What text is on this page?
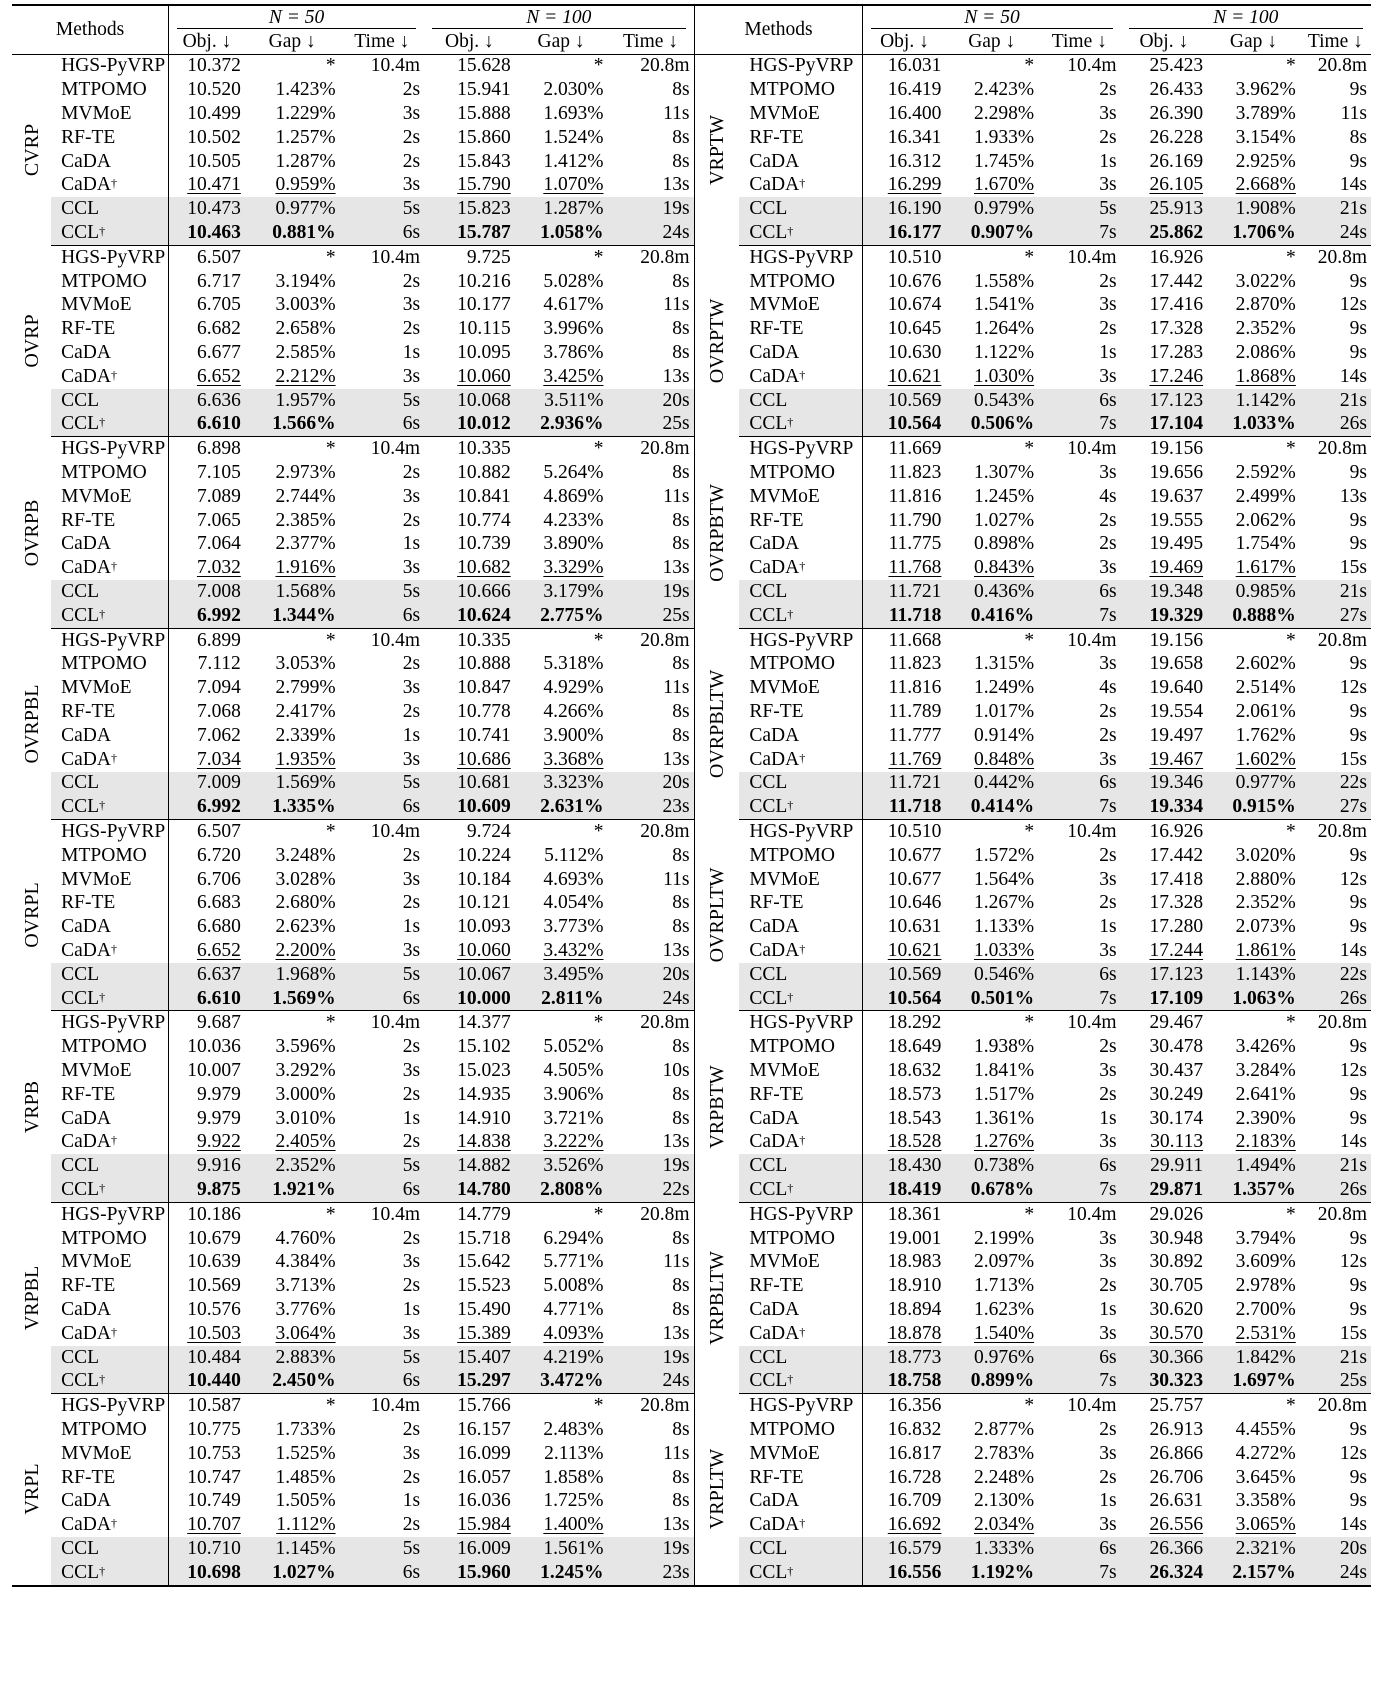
Methods		N = 50			N = 100			Methods		N = 50			N = 100		

		Obj. ↓	Gap ↓	Time ↓	Obj. ↓	Gap ↓	Time ↓			Obj. ↓	Gap ↓	Time ↓	Obj. ↓	Gap ↓	Time ↓

CVRP	HGS-PyVRP	10.372	*	10.4m	15.628	*	20.8m	VRPTW	HGS-PyVRP	16.031	*	10.4m	25.423	*	20.8m
	MTPOMO	10.520	1.423%	2s	15.941	2.030%	8s		MTPOMO	16.419	2.423%	2s	26.433	3.962%	9s
	MVMoE	10.499	1.229%	3s	15.888	1.693%	11s		MVMoE	16.400	2.298%	3s	26.390	3.789%	11s
	RF-TE	10.502	1.257%	2s	15.860	1.524%	8s		RF-TE	16.341	1.933%	2s	26.228	3.154%	8s
	CaDA	10.505	1.287%	2s	15.843	1.412%	8s		CaDA	16.312	1.745%	1s	26.169	2.925%	9s
	CaDA†	10.471	0.959%	3s	15.790	1.070%	13s		CaDA†	16.299	1.670%	3s	26.105	2.668%	14s
	CCL	10.473	0.977%	5s	15.823	1.287%	19s		CCL	16.190	0.979%	5s	25.913	1.908%	21s
	CCL†	10.463	0.881%	6s	15.787	1.058%	24s		CCL†	16.177	0.907%	7s	25.862	1.706%	24s

OVRP	HGS-PyVRP	6.507	*	10.4m	9.725	*	20.8m	OVRPTW	HGS-PyVRP	10.510	*	10.4m	16.926	*	20.8m
	MTPOMO	6.717	3.194%	2s	10.216	5.028%	8s		MTPOMO	10.676	1.558%	2s	17.442	3.022%	9s
	MVMoE	6.705	3.003%	3s	10.177	4.617%	11s		MVMoE	10.674	1.541%	3s	17.416	2.870%	12s
	RF-TE	6.682	2.658%	2s	10.115	3.996%	8s		RF-TE	10.645	1.264%	2s	17.328	2.352%	9s
	CaDA	6.677	2.585%	1s	10.095	3.786%	8s		CaDA	10.630	1.122%	1s	17.283	2.086%	9s
	CaDA†	6.652	2.212%	3s	10.060	3.425%	13s		CaDA†	10.621	1.030%	3s	17.246	1.868%	14s
	CCL	6.636	1.957%	5s	10.068	3.511%	20s		CCL	10.569	0.543%	6s	17.123	1.142%	21s
	CCL†	6.610	1.566%	6s	10.012	2.936%	25s		CCL†	10.564	0.506%	7s	17.104	1.033%	26s

OVRPB	HGS-PyVRP	6.898	*	10.4m	10.335	*	20.8m	OVRPBTW	HGS-PyVRP	11.669	*	10.4m	19.156	*	20.8m
	MTPOMO	7.105	2.973%	2s	10.882	5.264%	8s		MTPOMO	11.823	1.307%	3s	19.656	2.592%	9s
	MVMoE	7.089	2.744%	3s	10.841	4.869%	11s		MVMoE	11.816	1.245%	4s	19.637	2.499%	13s
	RF-TE	7.065	2.385%	2s	10.774	4.233%	8s		RF-TE	11.790	1.027%	2s	19.555	2.062%	9s
	CaDA	7.064	2.377%	1s	10.739	3.890%	8s		CaDA	11.775	0.898%	2s	19.495	1.754%	9s
	CaDA†	7.032	1.916%	3s	10.682	3.329%	13s		CaDA†	11.768	0.843%	3s	19.469	1.617%	15s
	CCL	7.008	1.568%	5s	10.666	3.179%	19s		CCL	11.721	0.436%	6s	19.348	0.985%	21s
	CCL†	6.992	1.344%	6s	10.624	2.775%	25s		CCL†	11.718	0.416%	7s	19.329	0.888%	27s

OVRPBL	HGS-PyVRP	6.899	*	10.4m	10.335	*	20.8m	OVRPBLTW	HGS-PyVRP	11.668	*	10.4m	19.156	*	20.8m
	MTPOMO	7.112	3.053%	2s	10.888	5.318%	8s		MTPOMO	11.823	1.315%	3s	19.658	2.602%	9s
	MVMoE	7.094	2.799%	3s	10.847	4.929%	11s		MVMoE	11.816	1.249%	4s	19.640	2.514%	12s
	RF-TE	7.068	2.417%	2s	10.778	4.266%	8s		RF-TE	11.789	1.017%	2s	19.554	2.061%	9s
	CaDA	7.062	2.339%	1s	10.741	3.900%	8s		CaDA	11.777	0.914%	2s	19.497	1.762%	9s
	CaDA†	7.034	1.935%	3s	10.686	3.368%	13s		CaDA†	11.769	0.848%	3s	19.467	1.602%	15s
	CCL	7.009	1.569%	5s	10.681	3.323%	20s		CCL	11.721	0.442%	6s	19.346	0.977%	22s
	CCL†	6.992	1.335%	6s	10.609	2.631%	23s		CCL†	11.718	0.414%	7s	19.334	0.915%	27s

OVRPL	HGS-PyVRP	6.507	*	10.4m	9.724	*	20.8m	OVRPLTW	HGS-PyVRP	10.510	*	10.4m	16.926	*	20.8m
	MTPOMO	6.720	3.248%	2s	10.224	5.112%	8s		MTPOMO	10.677	1.572%	2s	17.442	3.020%	9s
	MVMoE	6.706	3.028%	3s	10.184	4.693%	11s		MVMoE	10.677	1.564%	3s	17.418	2.880%	12s
	RF-TE	6.683	2.680%	2s	10.121	4.054%	8s		RF-TE	10.646	1.267%	2s	17.328	2.352%	9s
	CaDA	6.680	2.623%	1s	10.093	3.773%	8s		CaDA	10.631	1.133%	1s	17.280	2.073%	9s
	CaDA†	6.652	2.200%	3s	10.060	3.432%	13s		CaDA†	10.621	1.033%	3s	17.244	1.861%	14s
	CCL	6.637	1.968%	5s	10.067	3.495%	20s		CCL	10.569	0.546%	6s	17.123	1.143%	22s
	CCL†	6.610	1.569%	6s	10.000	2.811%	24s		CCL†	10.564	0.501%	7s	17.109	1.063%	26s

VRPB	HGS-PyVRP	9.687	*	10.4m	14.377	*	20.8m	VRPBTW	HGS-PyVRP	18.292	*	10.4m	29.467	*	20.8m
	MTPOMO	10.036	3.596%	2s	15.102	5.052%	8s		MTPOMO	18.649	1.938%	2s	30.478	3.426%	9s
	MVMoE	10.007	3.292%	3s	15.023	4.505%	10s		MVMoE	18.632	1.841%	3s	30.437	3.284%	12s
	RF-TE	9.979	3.000%	2s	14.935	3.906%	8s		RF-TE	18.573	1.517%	2s	30.249	2.641%	9s
	CaDA	9.979	3.010%	1s	14.910	3.721%	8s		CaDA	18.543	1.361%	1s	30.174	2.390%	9s
	CaDA†	9.922	2.405%	2s	14.838	3.222%	13s		CaDA†	18.528	1.276%	3s	30.113	2.183%	14s
	CCL	9.916	2.352%	5s	14.882	3.526%	19s		CCL	18.430	0.738%	6s	29.911	1.494%	21s
	CCL†	9.875	1.921%	6s	14.780	2.808%	22s		CCL†	18.419	0.678%	7s	29.871	1.357%	26s

VRPBL	HGS-PyVRP	10.186	*	10.4m	14.779	*	20.8m	VRPBLTW	HGS-PyVRP	18.361	*	10.4m	29.026	*	20.8m
	MTPOMO	10.679	4.760%	2s	15.718	6.294%	8s		MTPOMO	19.001	2.199%	3s	30.948	3.794%	9s
	MVMoE	10.639	4.384%	3s	15.642	5.771%	11s		MVMoE	18.983	2.097%	3s	30.892	3.609%	12s
	RF-TE	10.569	3.713%	2s	15.523	5.008%	8s		RF-TE	18.910	1.713%	2s	30.705	2.978%	9s
	CaDA	10.576	3.776%	1s	15.490	4.771%	8s		CaDA	18.894	1.623%	1s	30.620	2.700%	9s
	CaDA†	10.503	3.064%	3s	15.389	4.093%	13s		CaDA†	18.878	1.540%	3s	30.570	2.531%	15s
	CCL	10.484	2.883%	5s	15.407	4.219%	19s		CCL	18.773	0.976%	6s	30.366	1.842%	21s
	CCL†	10.440	2.450%	6s	15.297	3.472%	24s		CCL†	18.758	0.899%	7s	30.323	1.697%	25s

VRPL	HGS-PyVRP	10.587	*	10.4m	15.766	*	20.8m	VRPLTW	HGS-PyVRP	16.356	*	10.4m	25.757	*	20.8m
	MTPOMO	10.775	1.733%	2s	16.157	2.483%	8s		MTPOMO	16.832	2.877%	2s	26.913	4.455%	9s
	MVMoE	10.753	1.525%	3s	16.099	2.113%	11s		MVMoE	16.817	2.783%	3s	26.866	4.272%	12s
	RF-TE	10.747	1.485%	2s	16.057	1.858%	8s		RF-TE	16.728	2.248%	2s	26.706	3.645%	9s
	CaDA	10.749	1.505%	1s	16.036	1.725%	8s		CaDA	16.709	2.130%	1s	26.631	3.358%	9s
	CaDA†	10.707	1.112%	2s	15.984	1.400%	13s		CaDA†	16.692	2.034%	3s	26.556	3.065%	14s
	CCL	10.710	1.145%	5s	16.009	1.561%	19s		CCL	16.579	1.333%	6s	26.366	2.321%	20s
	CCL†	10.698	1.027%	6s	15.960	1.245%	23s		CCL†	16.556	1.192%	7s	26.324	2.157%	24s
